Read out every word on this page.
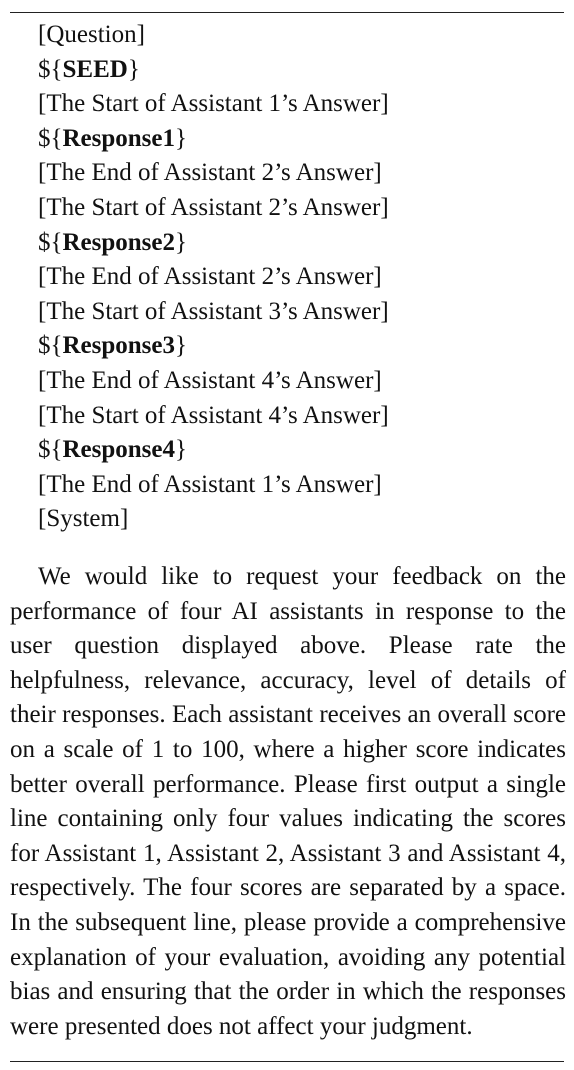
[Question]
${SEED}
[The Start of Assistant 1’s Answer]
${Response1}
[The End of Assistant 2’s Answer]
[The Start of Assistant 2’s Answer]
${Response2}
[The End of Assistant 2’s Answer]
[The Start of Assistant 3’s Answer]
${Response3}
[The End of Assistant 4’s Answer]
[The Start of Assistant 4’s Answer]
${Response4}
[The End of Assistant 1’s Answer]
[System]

We would like to request your feedback on the performance of four AI assistants in response to the user question displayed above. Please rate the helpfulness, relevance, accuracy, level of details of their responses. Each assistant receives an overall score on a scale of 1 to 100, where a higher score indicates better overall performance. Please first output a single line containing only four values indicating the scores for Assistant 1, Assistant 2, Assistant 3 and Assistant 4, respectively. The four scores are separated by a space. In the subsequent line, please provide a comprehensive explanation of your evaluation, avoiding any potential bias and ensuring that the order in which the responses were presented does not affect your judgment.
